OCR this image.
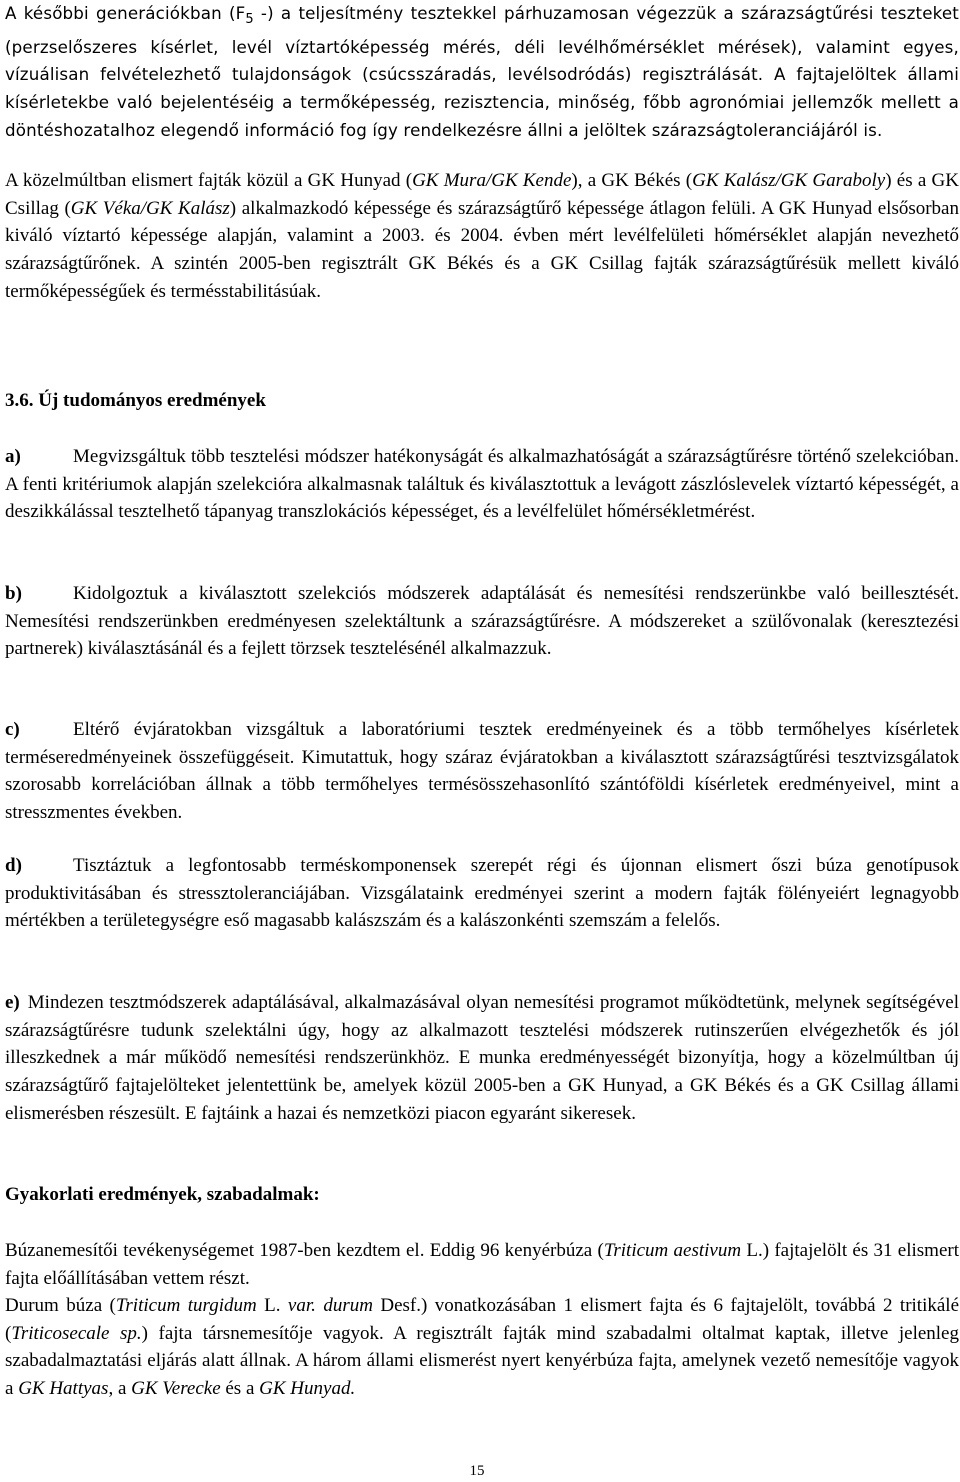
A későbbi generációkban ($F_5$ -) a teljesítmény tesztekkel párhuzamosan végezzük a szárazságtűrési teszteket (perzselőszeres kísérlet, levél víztartóképesség mérés, déli levélhőmérséklet mérések), valamint egyes, vízuálisan felvételezhető tulajdonságok (csúcsszáradás, levélsodródás) regisztrálását. A fajtajelöltek állami kísérletekbe való bejelentéséig a termőképesség, rezisztencia, minőség, főbb agronómiai jellemzők mellett a döntéshozatalhoz elegendő információ fog így rendelkezésre állni a jelöltek szárazságtoleranciájáról is.

A közelmúltban elismert fajták közül a GK Hunyad (GK Mura/GK Kende), a GK Békés (GK Kalász/GK Garaboly) és a GK Csillag (GK Véka/GK Kalász) alkalmazkodó képessége és szárazságtűrő képessége átlagon felüli. A GK Hunyad elsősorban kiváló víztartó képessége alapján, valamint a 2003. és 2004. évben mért levélfelületi hőmérséklet alapján nevezhető szárazságtűrőnek. A szintén 2005-ben regisztrált GK Békés és a GK Csillag fajták szárazságtűrésük mellett kiváló termőképességűek és termésstabilitásúak.

3.6. Új tudományos eredmények

a)	Megvizsgáltuk több tesztelési módszer hatékonyságát és alkalmazhatóságát a szárazságtűrésre történő szelekcióban. A fenti kritériumok alapján szelekcióra alkalmasnak találtuk és kiválasztottuk a levágott zászlóslevelek víztartó képességét, a deszikkálással tesztelhető tápanyag transzlokációs képességet, és a levélfelület hőmérsékletmérést.

b)	Kidolgoztuk a kiválasztott szelekciós módszerek adaptálását és nemesítési rendszerünkbe való beillesztését. Nemesítési rendszerünkben eredményesen szelektáltunk a szárazságtűrésre. A módszereket a szülővonalak (keresztezési partnerek) kiválasztásánál és a fejlett törzsek tesztelésénél alkalmazzuk.

c)	Eltérő évjáratokban vizsgáltuk a laboratóriumi tesztek eredményeinek és a több termőhelyes kísérletek terméseredményeinek összefüggéseit. Kimutattuk, hogy száraz évjáratokban a kiválasztott szárazságtűrési tesztvizsgálatok szorosabb korrelációban állnak a több termőhelyes termésösszehasonlító szántóföldi kísérletek eredményeivel, mint a stresszmentes években.

d)	Tisztáztuk a legfontosabb terméskomponensek szerepét régi és újonnan elismert őszi búza genotípusok produktivitásában és stressztoleranciájában. Vizsgálataink eredményei szerint a modern fajták fölényeiért legnagyobb mértékben a területegységre eső magasabb kalászszám és a kalászonkénti szemszám a felelős.

e) Mindezen tesztmódszerek adaptálásával, alkalmazásával olyan nemesítési programot működtetünk, melynek segítségével szárazságtűrésre tudunk szelektálni úgy, hogy az alkalmazott tesztelési módszerek rutinszerűen elvégezhetők és jól illeszkednek a már működő nemesítési rendszerünkhöz. E munka eredményességét bizonyítja, hogy a közelmúltban új szárazságtűrő fajtajelölteket jelentettünk be, amelyek közül 2005-ben a GK Hunyad, a GK Békés és a GK Csillag állami elismerésben részesült. E fajtáink a hazai és nemzetközi piacon egyaránt sikeresek.

Gyakorlati eredmények, szabadalmak:

Búzanemesítői tevékenységemet 1987-ben kezdtem el. Eddig 96 kenyérbúza (Triticum aestivum L.) fajtajelölt és 31 elismert fajta előállításában vettem részt.

Durum búza (Triticum turgidum L. var. durum Desf.) vonatkozásában 1 elismert fajta és 6 fajtajelölt, továbbá 2 tritikálé (Triticosecale sp.) fajta társnemesítője vagyok. A regisztrált fajták mind szabadalmi oltalmat kaptak, illetve jelenleg szabadalmaztatási eljárás alatt állnak. A három állami elismerést nyert kenyérbúza fajta, amelynek vezető nemesítője vagyok a GK Hattyas, a GK Verecke és a GK Hunyad.

15
